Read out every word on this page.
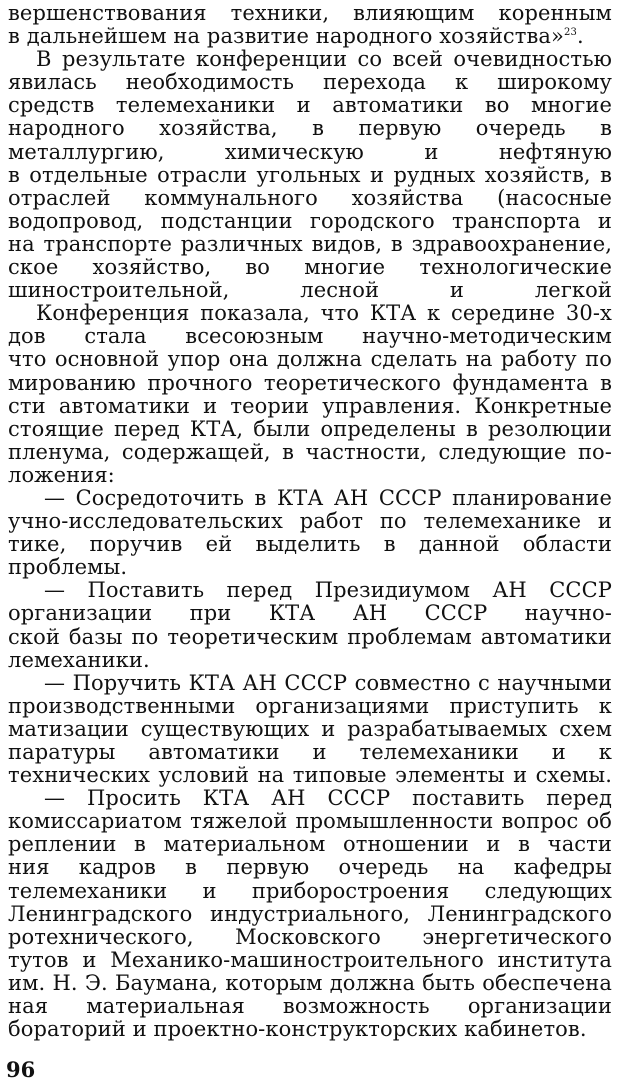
вершенствования техники, влияющим коренным
в дальнейшем на развитие народного хозяйства»$^{23}$.
В результате конференции со всей очевидностью
явилась необходимость перехода к широкому
средств телемеханики и автоматики во многие
народного хозяйства, в первую очередь в
металлургию, химическую и нефтяную
в отдельные отрасли угольных и рудных хозяйств, в
отраслей коммунального хозяйства (насосные
водопровод, подстанции городского транспорта и
на транспорте различных видов, в здравоохранение,
ское хозяйство, во многие технологические
шиностроительной, лесной и легкой
Конференция показала, что КТА к середине 30-х
дов стала всесоюзным научно-методическим
что основной упор она должна сделать на работу по
мированию прочного теоретического фундамента в
сти автоматики и теории управления. Конкретные
стоящие перед КТА, были определены в резолюции
пленума, содержащей, в частности, следующие по-
ложения:
— Сосредоточить в КТА АН СССР планирование
учно-исследовательских работ по телемеханике и
тике, поручив ей выделить в данной области
проблемы.
— Поставить перед Президиумом АН СССР
организации при КТА АН СССР научно-
ской базы по теоретическим проблемам автоматики
лемеханики.
— Поручить КТА АН СССР совместно с научными
производственными организациями приступить к
матизации существующих и разрабатываемых схем
паратуры автоматики и телемеханики и к
технических условий на типовые элементы и схемы.
— Просить КТА АН СССР поставить перед
комиссариатом тяжелой промышленности вопрос об
реплении в материальном отношении и в части
ния кадров в первую очередь на кафедры
телемеханики и приборостроения следующих
Ленинградского индустриального, Ленинградского
ротехнического, Московского энергетического
тутов и Механико-машиностроительного института
им. Н. Э. Баумана, которым должна быть обеспечена
ная материальная возможность организации
бораторий и проектно-конструкторских кабинетов.
96
